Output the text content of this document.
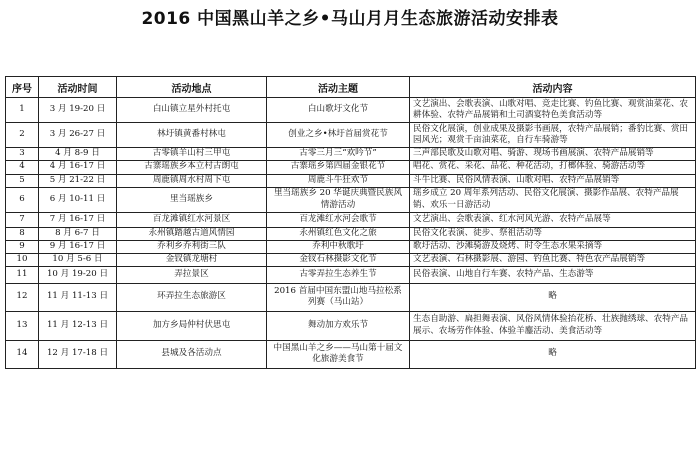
2016 中国黑山羊之乡•马山月月生态旅游活动安排表
序号	活动时间	活动地点	活动主题	活动内容
1	3 月 19-20 日	白山镇立星外村托屯	白山歌圩文化节	文艺演出、会歌表演、山歌对唱、竞走比赛、钓鱼比赛、观赏油菜花、农耕体验、农特产品展销和土司酒宴特色美食活动等
2	3 月 26-27 日	林圩镇黄番村林屯	创业之乡•林圩首届赏花节	民俗文化展演，创业成果及摄影书画展，农特产品展销；番豹比赛、赏田园风光；观赏千亩油菜花，自行车骑游等
3	4 月 8-9 日	古零镇羊山村三甲屯	古零三月三“欢吟节”	三声部民歌及山歌对唱、骑游、现场书画展演、农特产品展销等
4	4 月 16-17 日	古寨瑶族乡本立村古朗屯	古寨瑶乡第四届金银花节	唱花、赏花、采花、品花、种花活动，打榔体验、骑游活动等
5	5 月 21-22 日	周鹿镇周水村周下屯	周鹿斗牛狂欢节	斗牛比赛、民俗风情表演、山歌对唱、农特产品展销等
6	6 月 10-11 日	里当瑶族乡	里当瑶族乡 20 华诞庆典暨民族风情游活动	瑶乡成立 20 周年系列活动、民俗文化展演、摄影作品展、农特产品展销、欢乐一日游活动
7	7 月 16-17 日	百龙滩镇红水河景区	百龙滩红水河会歌节	文艺演出、会歌表演、红水河风光游、农特产品展等
8	8 月 6-7 日	永州镇踏越古道风情园	永州镇红色文化之旅	民俗文化表演、徒步、祭祖活动等
9	9 月 16-17 日	乔利乡乔利街三队	乔利中秋歌圩	歌圩活动、沙滩骑游及烧烤、时令生态水果采摘等
10	10 月 5-6 日	金钗镇龙塘村	金钗石林摄影文化节	文艺表演、石林摄影展、游园、钓鱼比赛、特色农产品展销等
11	10 月 19-20 日	弄拉景区	古零弄拉生态养生节	民俗表演、山地自行车赛、农特产品、生态游等
12	11 月 11-13 日	环弄拉生态旅游区	2016 首届中国东盟山地马拉松系列赛（马山站）	略
13	11 月 12-13 日	加方乡局仲村伏思屯	舞动加方欢乐节	生态自助游、扁担舞表演、风俗风情体验抬花桥、壮族抛绣球、农特产品展示、农场劳作体验、体验羊鏖活动、美食活动等
14	12 月 17-18 日	县城及各活动点	中国黑山羊之乡——马山第十届文化旅游美食节	略
